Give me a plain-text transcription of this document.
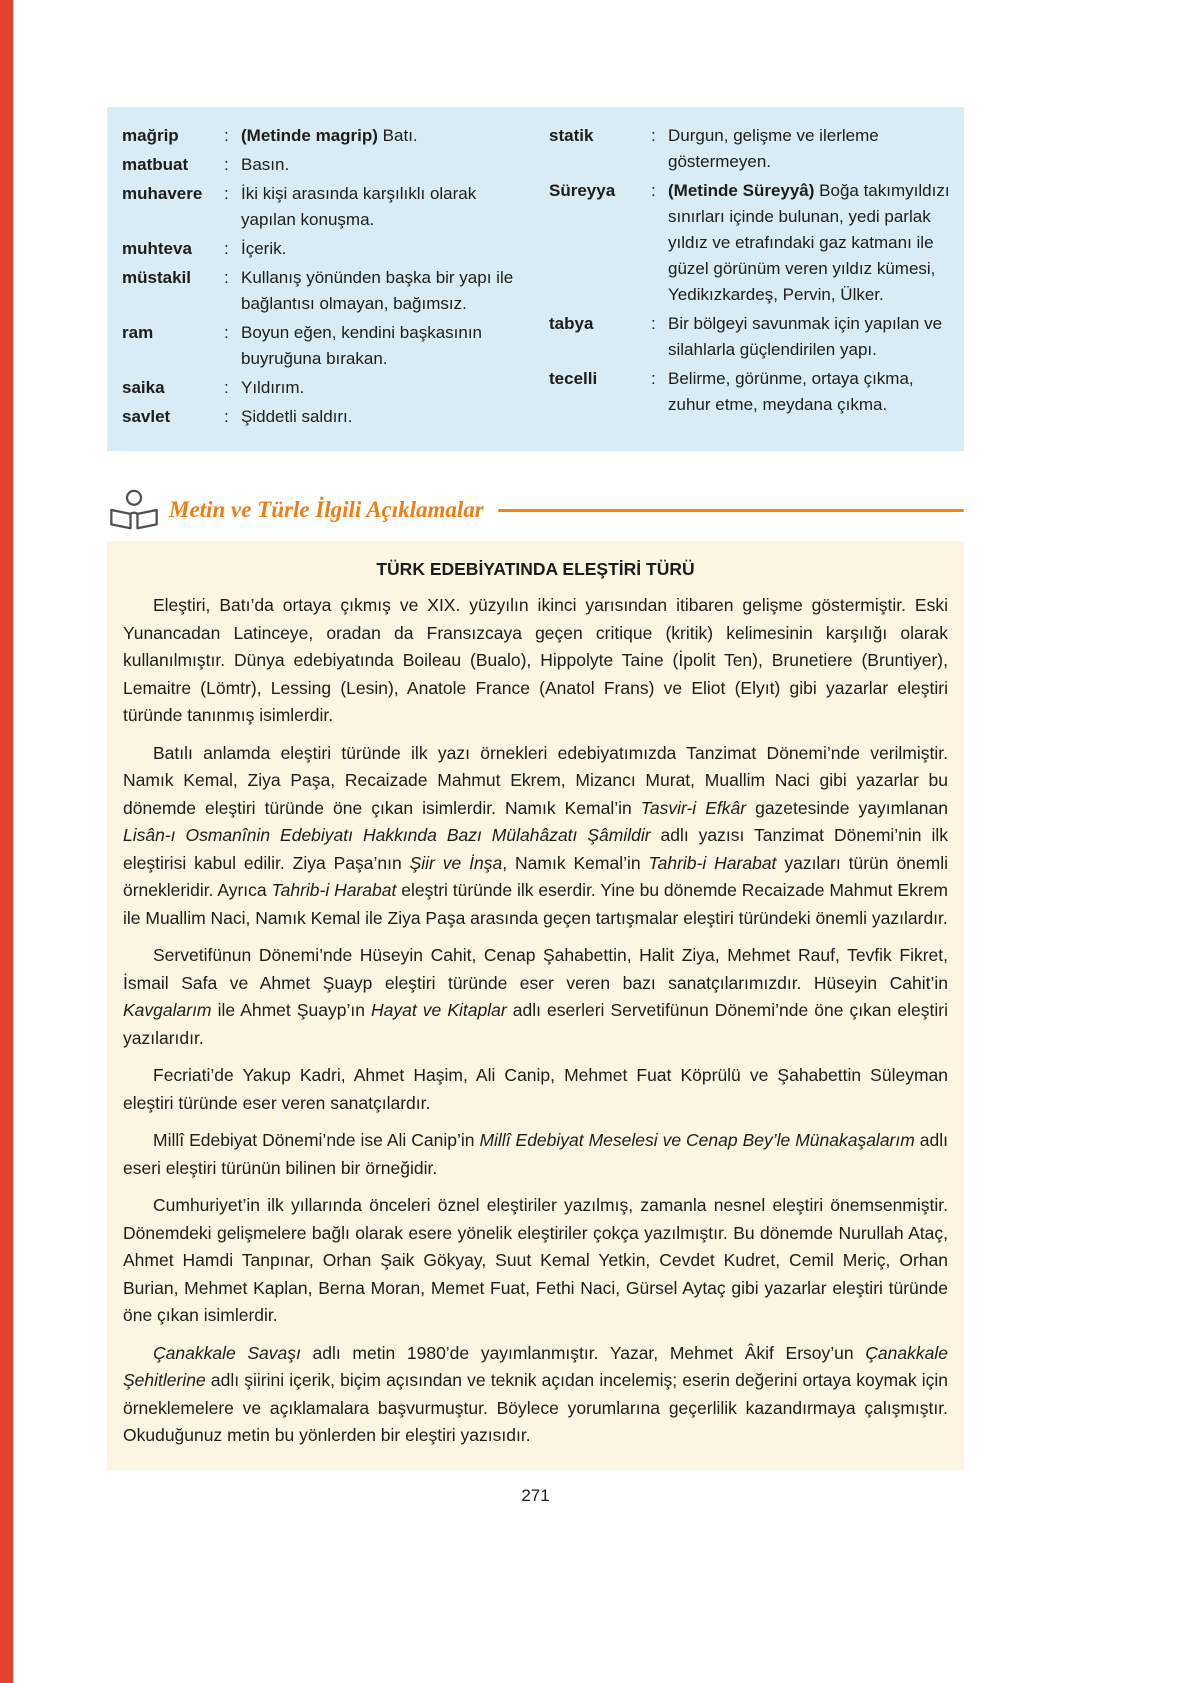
mağrip	: (Metinde magrip) Batı.
matbuat	: Basın.
muhavere	: İki kişi arasında karşılıklı olarak yapılan konuşma.
muhteva	: İçerik.
müstakil	: Kullanış yönünden başka bir yapı ile bağlantısı olmayan, bağımsız.
ram	: Boyun eğen, kendini başkasının buyruğuna bırakan.
saika	: Yıldırım.
savlet	: Şiddetli saldırı.
statik	: Durgun, gelişme ve ilerleme göstermeyen.
Süreyya	: (Metinde Süreyyâ) Boğa takımyıldızı sınırları içinde bulunan, yedi parlak yıldız ve etrafındaki gaz katmanı ile güzel görünüm veren yıldız kümesi, Yedikızkardeş, Pervin, Ülker.
tabya	: Bir bölgeyi savunmak için yapılan ve silahlarla güçlendirilen yapı.
tecelli	: Belirme, görünme, ortaya çıkma, zuhur etme, meydana çıkma.
Metin ve Türle İlgili Açıklamalar
TÜRK EDEBİYATINDA ELEŞTİRİ TÜRÜ

Eleştiri, Batı’da ortaya çıkmış ve XIX. yüzyılın ikinci yarısından itibaren gelişme göstermiştir. Eski Yunancadan Latinceye, oradan da Fransızcaya geçen critique (kritik) kelimesinin karşılığı olarak kullanılmıştır. Dünya edebiyatında Boileau (Bualo), Hippolyte Taine (İpolit Ten), Brunetiere (Bruntiyer), Lemaitre (Lömtr), Lessing (Lesin), Anatole France (Anatol Frans) ve Eliot (Elyıt) gibi yazarlar eleştiri türünde tanınmış isimlerdir.

Batılı anlamda eleştiri türünde ilk yazı örnekleri edebiyatımızda Tanzimat Dönemi’nde verilmiştir. Namık Kemal, Ziya Paşa, Recaizade Mahmut Ekrem, Mizancı Murat, Muallim Naci gibi yazarlar bu dönemde eleştiri türünde öne çıkan isimlerdir. Namık Kemal’in Tasvir-i Efkâr gazetesinde yayımlanan Lisân-ı Osmanînin Edebiyatı Hakkında Bazı Mülahâzatı Şâmildir adlı yazısı Tanzimat Dönemi’nin ilk eleştirisi kabul edilir. Ziya Paşa’nın Şiir ve İnşa, Namık Kemal’in Tahrib-i Harabat yazıları türün önemli örnekleridir. Ayrıca Tahrib-i Harabat eleştri türünde ilk eserdir. Yine bu dönemde Recaizade Mahmut Ekrem ile Muallim Naci, Namık Kemal ile Ziya Paşa arasında geçen tartışmalar eleştiri türündeki önemli yazılardır.

Servetifünun Dönemi’nde Hüseyin Cahit, Cenap Şahabettin, Halit Ziya, Mehmet Rauf, Tevfik Fikret, İsmail Safa ve Ahmet Şuayp eleştiri türünde eser veren bazı sanatçılarımızdır. Hüseyin Cahit’in Kavgalarım ile Ahmet Şuayp’ın Hayat ve Kitaplar adlı eserleri Servetifünun Dönemi’nde öne çıkan eleştiri yazılarıdır.

Fecriati’de Yakup Kadri, Ahmet Haşim, Ali Canip, Mehmet Fuat Köprülü ve Şahabettin Süleyman eleştiri türünde eser veren sanatçılardır.

Millî Edebiyat Dönemi’nde ise Ali Canip’in Millî Edebiyat Meselesi ve Cenap Bey’le Münakaşalarım adlı eseri eleştiri türünün bilinen bir örneğidir.

Cumhuriyet’in ilk yıllarında önceleri öznel eleştiriler yazılmış, zamanla nesnel eleştiri önemsenmiştir. Dönemdeki gelişmelere bağlı olarak esere yönelik eleştiriler çokça yazılmıştır. Bu dönemde Nurullah Ataç, Ahmet Hamdi Tanpınar, Orhan Şaik Gökyay, Suut Kemal Yetkin, Cevdet Kudret, Cemil Meriç, Orhan Burian, Mehmet Kaplan, Berna Moran, Memet Fuat, Fethi Naci, Gürsel Aytaç gibi yazarlar eleştiri türünde öne çıkan isimlerdir.

Çanakkale Savaşı adlı metin 1980’de yayımlanmıştır. Yazar, Mehmet Âkif Ersoy’un Çanakkale Şehitlerine adlı şiirini içerik, biçim açısından ve teknik açıdan incelemiş; eserin değerini ortaya koymak için örneklemelere ve açıklamalara başvurmuştur. Böylece yorumlarına geçerlilik kazandırmaya çalışmıştır. Okuduğunuz metin bu yönlerden bir eleştiri yazısıdır.

271
